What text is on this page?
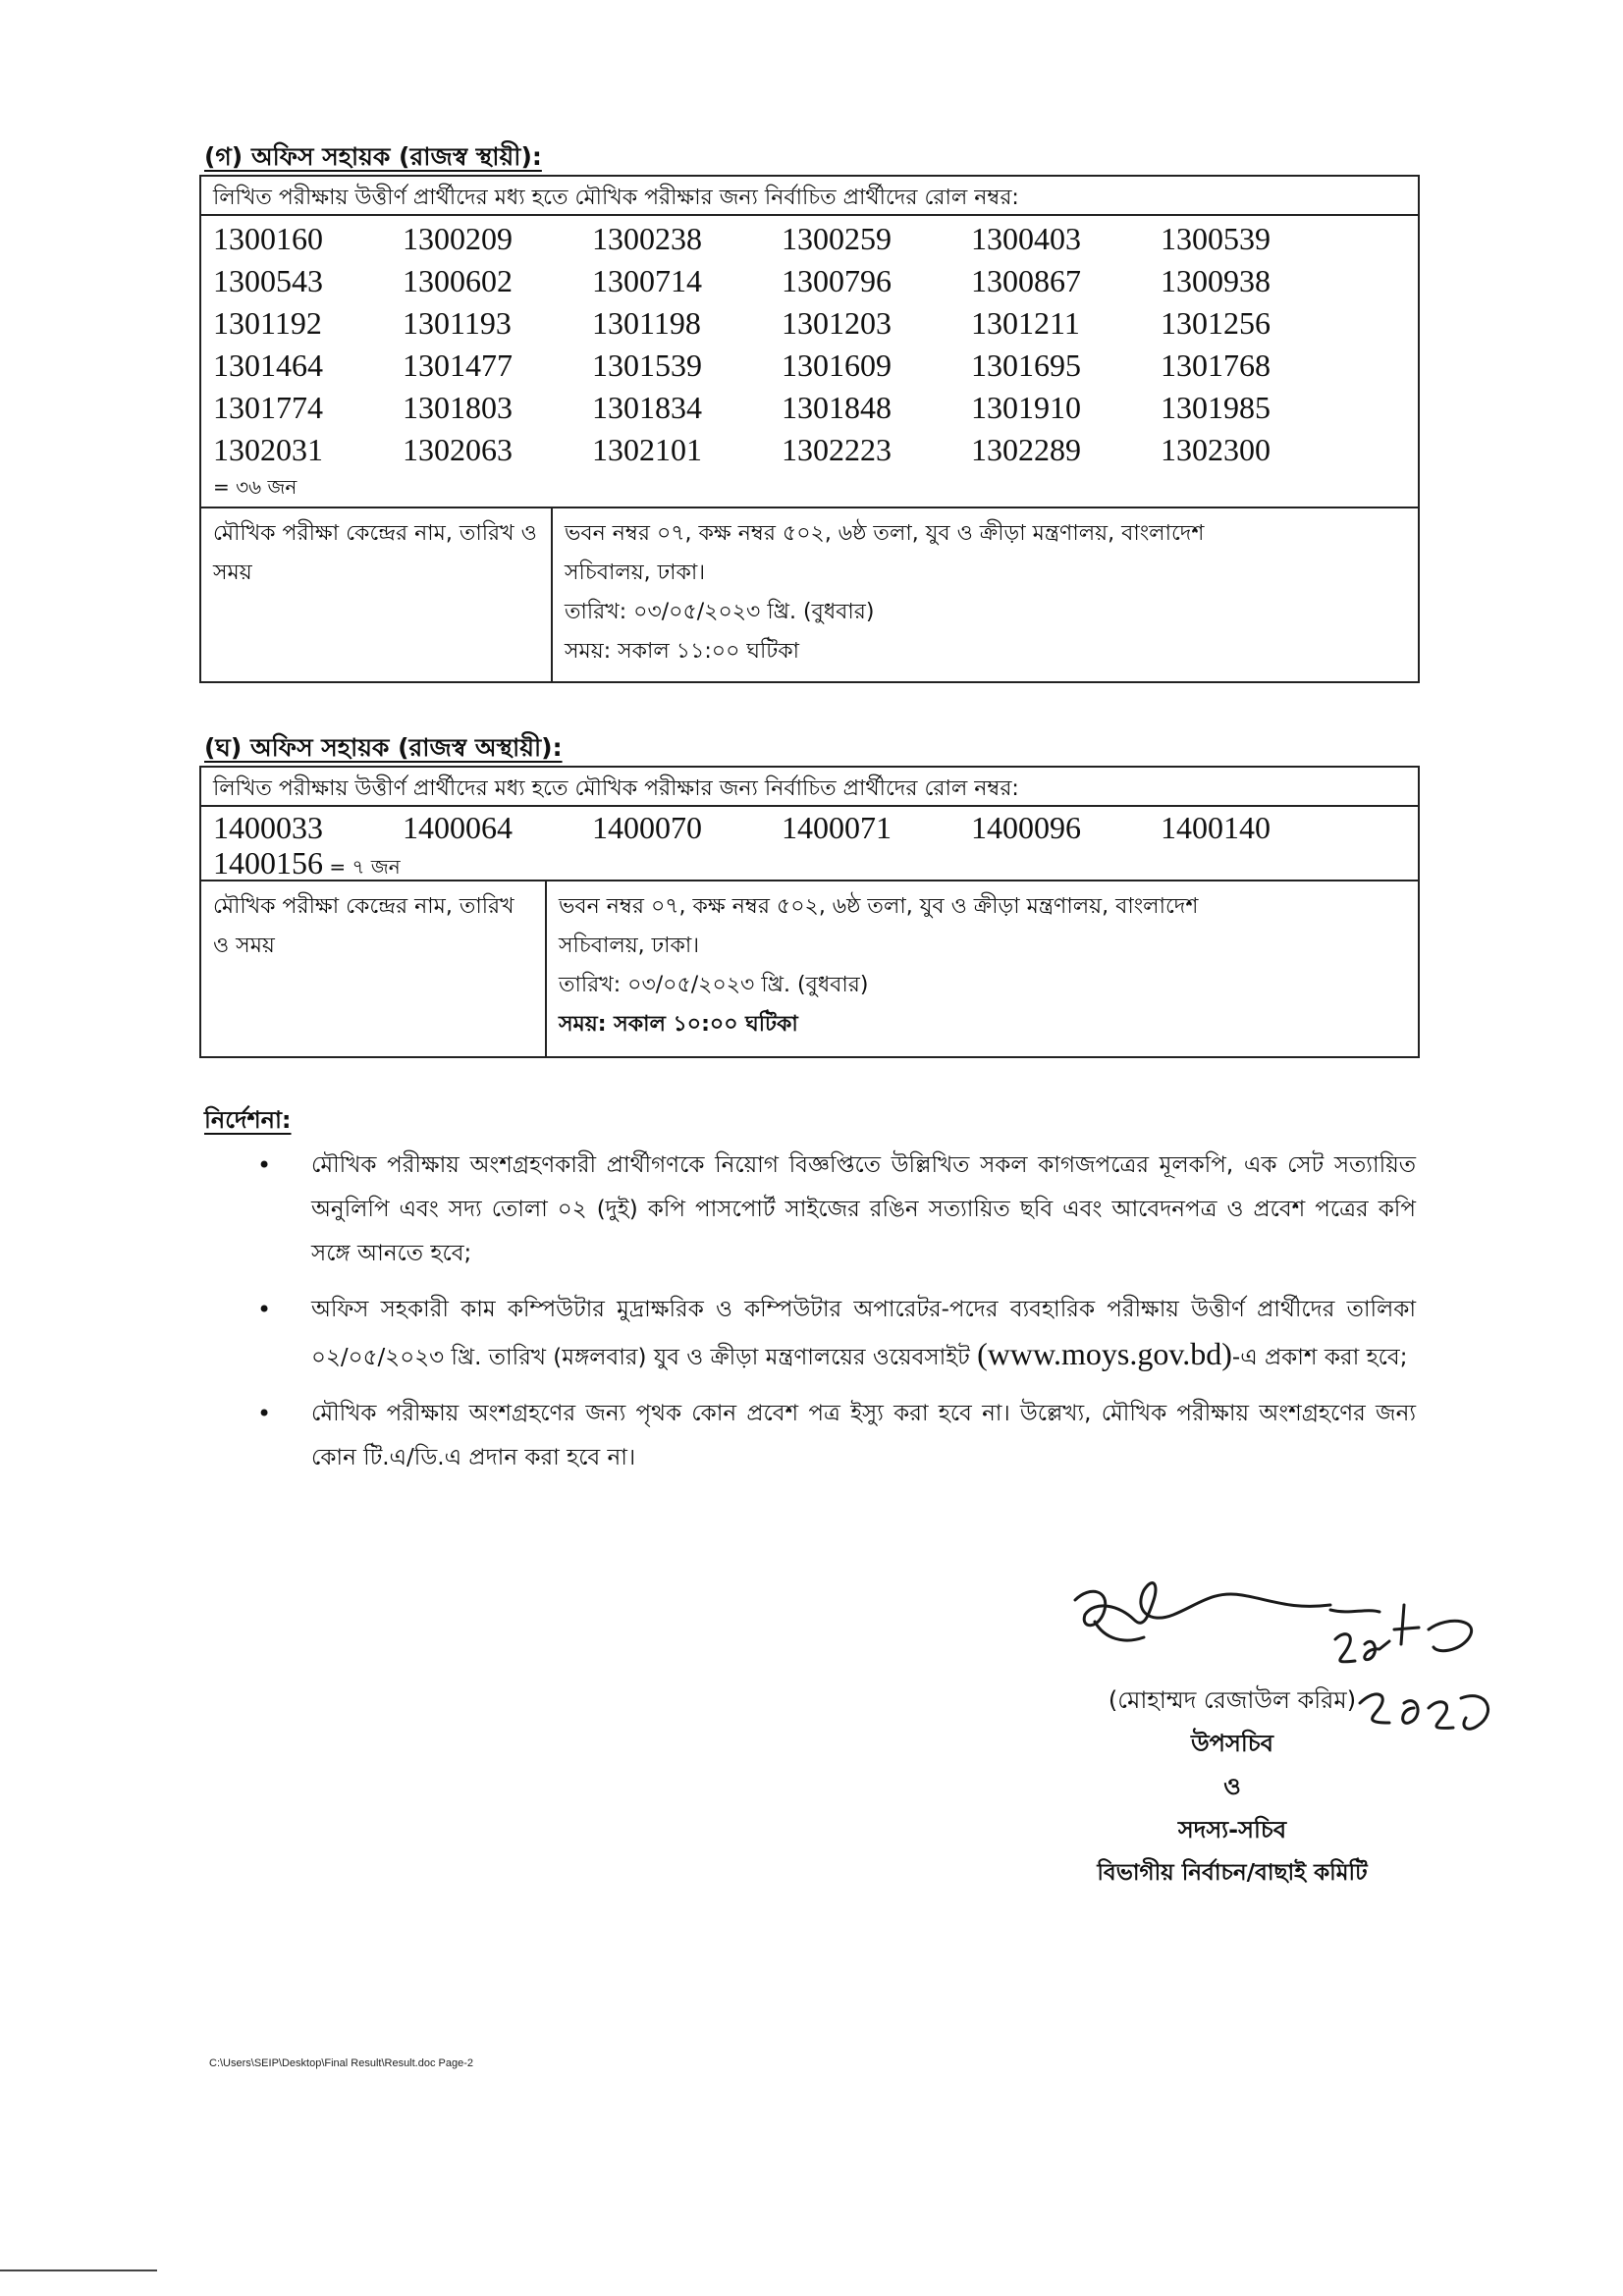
(গ) অফিস সহায়ক (রাজস্ব স্থায়ী):
লিখিত পরীক্ষায় উত্তীর্ণ প্রার্থীদের মধ্য হতে মৌখিক পরীক্ষার জন্য নির্বাচিত প্রার্থীদের রোল নম্বর:
1300160	1300209	1300238	1300259	1300403	1300539
1300543	1300602	1300714	1300796	1300867	1300938
1301192	1301193	1301198	1301203	1301211	1301256
1301464	1301477	1301539	1301609	1301695	1301768
1301774	1301803	1301834	1301848	1301910	1301985
1302031	1302063	1302101	1302223	1302289	1302300
= ৩৬ জন
মৌখিক পরীক্ষা কেন্দ্রের নাম, তারিখ ও সময়
ভবন নম্বর ০৭, কক্ষ নম্বর ৫০২, ৬ষ্ঠ তলা, যুব ও ক্রীড়া মন্ত্রণালয়, বাংলাদেশ
সচিবালয়, ঢাকা।
তারিখ: ০৩/০৫/২০২৩ খ্রি. (বুধবার)
সময়: সকাল ১১:০০ ঘটিকা
(ঘ) অফিস সহায়ক (রাজস্ব অস্থায়ী):
লিখিত পরীক্ষায় উত্তীর্ণ প্রার্থীদের মধ্য হতে মৌখিক পরীক্ষার জন্য নির্বাচিত প্রার্থীদের রোল নম্বর:
1400033	1400064	1400070	1400071	1400096	1400140
1400156 = ৭ জন
মৌখিক পরীক্ষা কেন্দ্রের নাম, তারিখ ও সময়
ভবন নম্বর ০৭, কক্ষ নম্বর ৫০২, ৬ষ্ঠ তলা, যুব ও ক্রীড়া মন্ত্রণালয়, বাংলাদেশ
সচিবালয়, ঢাকা।
তারিখ: ০৩/০৫/২০২৩ খ্রি. (বুধবার)
সময়: সকাল ১০:০০ ঘটিকা
নির্দেশনা:
• মৌখিক পরীক্ষায় অংশগ্রহণকারী প্রার্থীগণকে নিয়োগ বিজ্ঞপ্তিতে উল্লিখিত সকল কাগজপত্রের মূলকপি, এক সেট সত্যায়িত অনুলিপি এবং সদ্য তোলা ০২ (দুই) কপি পাসপোর্ট সাইজের রঙিন সত্যায়িত ছবি এবং আবেদনপত্র ও প্রবেশ পত্রের কপি সঙ্গে আনতে হবে;
• অফিস সহকারী কাম কম্পিউটার মুদ্রাক্ষরিক ও কম্পিউটার অপারেটর-পদের ব্যবহারিক পরীক্ষায় উত্তীর্ণ প্রার্থীদের তালিকা ০২/০৫/২০২৩ খ্রি. তারিখ (মঙ্গলবার) যুব ও ক্রীড়া মন্ত্রণালয়ের ওয়েবসাইট (www.moys.gov.bd)-এ প্রকাশ করা হবে;
• মৌখিক পরীক্ষায় অংশগ্রহণের জন্য পৃথক কোন প্রবেশ পত্র ইস্যু করা হবে না। উল্লেখ্য, মৌখিক পরীক্ষায় অংশগ্রহণের জন্য কোন টি.এ/ডি.এ প্রদান করা হবে না।
২৮/৪ ২০২৩
(মোহাম্মদ রেজাউল করিম)
উপসচিব
ও
সদস্য-সচিব
বিভাগীয় নির্বাচন/বাছাই কমিটি
C:\Users\SEIP\Desktop\Final Result\Result.doc Page-2
